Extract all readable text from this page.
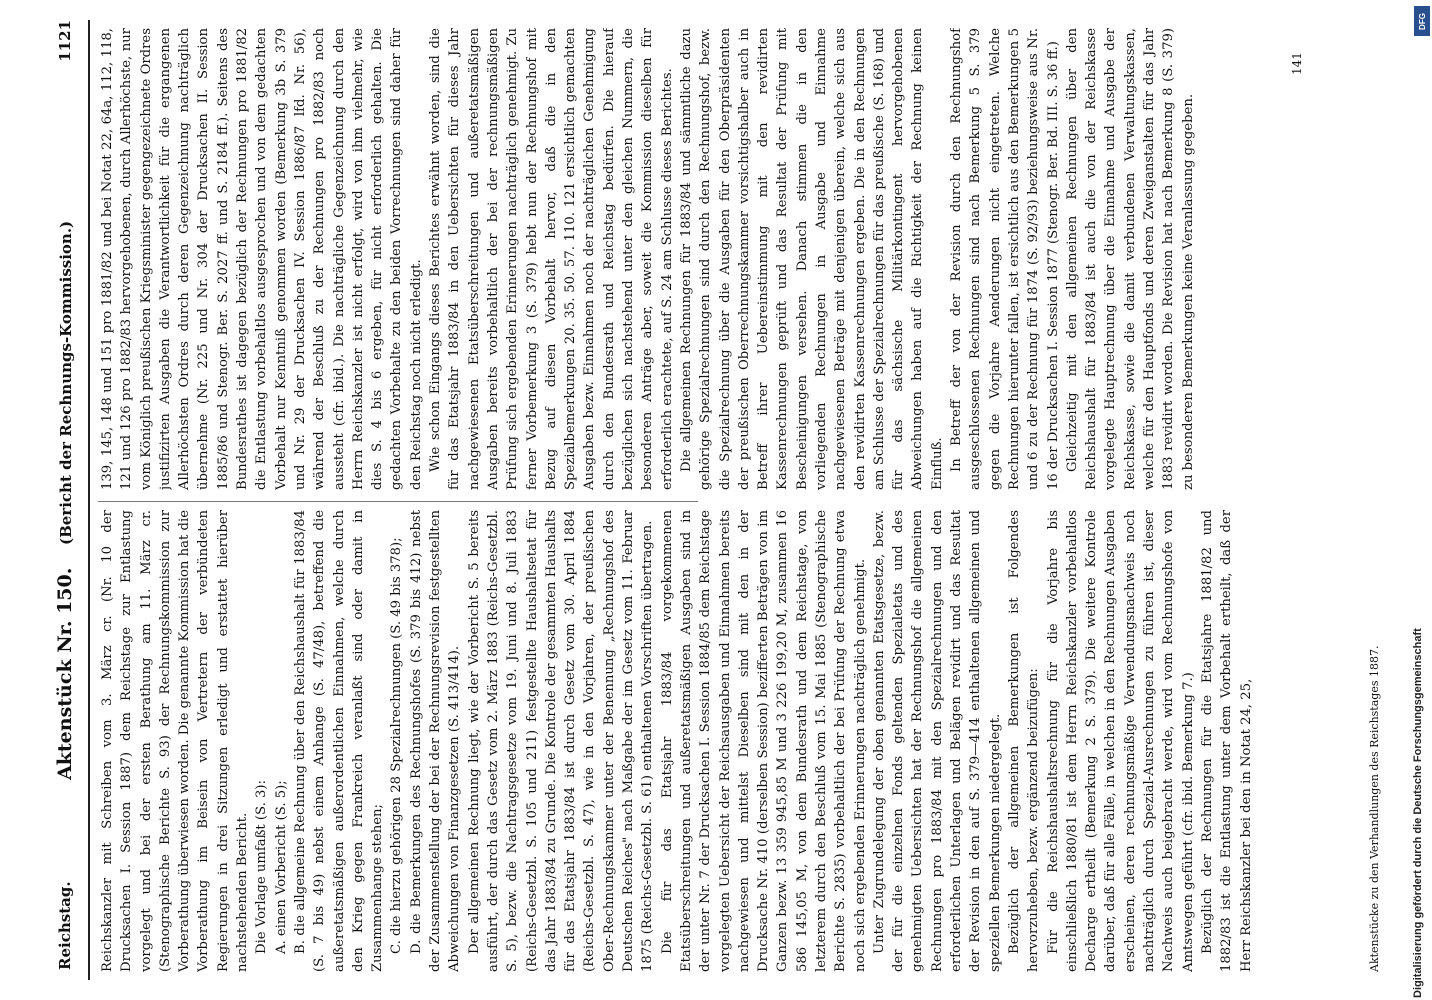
Reichstag.
Aktenstück Nr. 150. (Bericht der Rechnungs-Kommission.)
1121

Reichskanzler mit Schreiben vom 3. März cr. (Nr. 10 der Drucksachen I. Session 1887) dem Reichstage zur Entlastung vorgelegt und bei der ersten Berathung am 11. März cr. (Stenographische Berichte S. 93) der Rechnungskommission zur Vorberathung überwiesen worden. Die genannte Kommission hat die Vorberathung im Beisein von Vertretern der verbündeten Regierungen in drei Sitzungen erledigt und erstattet hierüber nachstehenden Bericht. Die Vorlage umfaßt (S. 3): A. einen Vorbericht (S. 5); B. die allgemeine Rechnung über den Reichshaushalt für 1883/84 (S. 7 bis 49) nebst einem Anhange (S. 47/48), betreffend die außeretatsmäßigen außerordentlichen Einnahmen, welche durch den Krieg gegen Frankreich veranlaßt sind oder damit in Zusammenhange stehen; C. die hierzu gehörigen 28 Spezialrechnungen (S. 49 bis 378); D. die Bemerkungen des Rechnungshofes (S. 379 bis 412) nebst der Zusammenstellung der bei der Rechnungsrevision festgestellten Abweichungen von Finanzgesetzen (S. 413/414). Der allgemeinen Rechnung liegt, wie der Vorbericht S. 5 bereits ausführt, der durch das Gesetz vom 2. März 1883 (Reichs-Gesetzbl. S. 5), bezw. die Nachtragsgesetze vom 19. Juni und 8. Juli 1883 (Reichs-Gesetzbl. S. 105 und 211) festgestellte Haushaltsetat für das Jahr 1883/84 zu Grunde. Die Kontrole der gesammten Haushalts für das Etatsjahr 1883/84 ist durch Gesetz vom 30. April 1884 (Reichs-Gesetzbl. S. 47), wie in den Vorjahren, der preußischen Ober-Rechnungskammer unter der Benennung „Rechnungshof des Deutschen Reiches" nach Maßgabe der im Gesetz vom 11. Februar 1875 (Reichs-Gesetzbl. S. 61) enthaltenen Vorschriften übertragen. Die für das Etatsjahr 1883/84 vorgekommenen Etatsüberschreitungen und außeretatsmäßigen Ausgaben sind in der unter Nr. 7 der Drucksachen I. Session 1884/85 dem Reichstage vorgelegten Uebersicht der Reichsausgaben und Einnahmen bereits nachgewiesen und mittelst Dieselben sind mit den in der Drucksache Nr. 410 (derselben Session) bezifferten Beträgen von im Ganzen bezw. 13 359 945,85 M und 3 226 199,20 M, zusammen 16 586 145,05 M, von dem Bundesrath und dem Reichstage, von letzterem durch den Beschluß vom 15. Mai 1885 (Stenographische Berichte S. 2835) vorbehaltlich der bei Prüfung der Rechnung etwa noch sich ergebenden Erinnerungen nachträglich genehmigt. Unter Zugrundelegung der oben genannten Etatsgesetze, bezw. der für die einzelnen Fonds geltenden Spezialetats und des genehmigten Uebersichten hat der Rechnungshof die allgemeinen Rechnungen pro 1883/84 mit den Spezialrechnungen und den erforderlichen Unterlagen und Belägen revidirt und das Resultat der Revision in den auf S. 379—414 enthaltenen allgemeinen und speziellen Bemerkungen niedergelegt. Bezüglich der allgemeinen Bemerkungen ist Folgendes hervorzuheben, bezw. ergänzend beizufügen: Für die Reichshaushaltsrechnung für die Vorjahre bis einschließlich 1880/81 ist dem Herrn Reichskanzler vorbehaltlos Decharge ertheilt (Bemerkung 2 S. 379). Die weitere Kontrole darüber, daß für alle Fälle, in welchen in den Rechnungen Ausgaben erscheinen, deren rechnungsmäßige Verwendungsnachweis noch nachträglich durch Spezial-Ausrechnungen zu führen ist, dieser Nachweis auch beigebracht werde, wird vom Rechnungshofe von Amtswegen geführt (cfr. ibid. Bemerkung 7.) Bezüglich der Rechnungen für die Etatsjahre 1881/82 und 1882/83 ist die Entlastung unter dem Vorbehalt ertheilt, daß der Herr Reichskanzler bei den in Notat 24, 25,

139, 145, 148 und 151 pro 1881/82 und bei Notat 22, 64a, 112, 118, 121 und 126 pro 1882/83 hervorgehobenen, durch Allerhöchste, nur vom Königlich preußischen Kriegsminister gegengezeichnete Ordres justifizirten Ausgaben die Verantwortlichkeit für die ergangenen Allerhöchsten Ordres durch deren Gegenzeichnung nachträglich übernehme (Nr. 225 und Nr. 304 der Drucksachen II. Session 1885/86 und Stenogr. Ber. S. 2027 ff. und S. 2184 ff.). Seitens des Bundesrathes ist dagegen bezüglich der Rechnungen pro 1881/82 die Entlastung vorbehaltlos ausgesprochen und von dem gedachten Vorbehalt nur Kenntniß genommen worden (Bemerkung 3b S. 379 und Nr. 29 der Drucksachen IV. Session 1886/87 lfd. Nr. 56), während der Beschluß zu der Rechnungen pro 1882/83 noch aussteht (cfr. ibid.). Die nachträgliche Gegenzeichnung durch den Herrn Reichskanzler ist nicht erfolgt, wird von ihm vielmehr, wie dies S. 4 bis 6 ergeben, für nicht erforderlich gehalten. Die gedachten Vorbehalte zu den beiden Vorrechnungen sind daher für den Reichstag noch nicht erledigt. Wie schon Eingangs dieses Berichtes erwähnt worden, sind die für das Etatsjahr 1883/84 in den Uebersichten für dieses Jahr nachgewiesenen Etatsüberschreitungen und außeretatsmäßigen Ausgaben bereits vorbehaltlich der bei der rechnungsmäßigen Prüfung sich ergebenden Erinnerungen nachträglich genehmigt. Zu ferner Vorbemerkung 3 (S. 379) hebt nun der Rechnungshof mit Bezug auf diesen Vorbehalt hervor, daß die in den Spezialbemerkungen 20. 35. 50. 57. 110. 121 ersichtlich gemachten Ausgaben bezw. Einnahmen noch der nachträglichen Genehmigung durch den Bundesrath und Reichstag bedürfen. Die hierauf bezüglichen sich nachstehend unter den gleichen Nummern, die besonderen Anträge aber, soweit die Kommission dieselben für erforderlich erachtete, auf S. 24 am Schlusse dieses Berichtes. Die allgemeinen Rechnungen für 1883/84 und sämmtliche dazu gehörige Spezialrechnungen sind durch den Rechnungshof, bezw. die Spezialrechnung über die Ausgaben für den Oberpräsidenten der preußischen Oberrechnungskammer vorsichtigshalber auch in Betreff ihrer Uebereinstimmung mit den revidirten Kassenrechnungen geprüft und das Resultat der Prüfung mit Bescheinigungen versehen. Danach stimmen die in den vorliegenden Rechnungen in Ausgabe und Einnahme nachgewiesenen Beträge mit denjenigen überein, welche sich aus den revidirten Kassenrechnungen ergeben. Die in den Rechnungen am Schlusse der Spezialrechnungen für das preußische (S. 168) und für das sächsische Militärkontingent hervorgehobenen Abweichungen haben auf die Richtigkeit der Rechnung keinen Einfluß. In Betreff der von der Revision durch den Rechnungshof ausgeschlossenen Rechnungen sind nach Bemerkung 5 S. 379 gegen die Vorjahre Aenderungen nicht eingetreten. Welche Rechnungen hierunter fallen, ist ersichtlich aus den Bemerkungen 5 und 6 zu der Rechnung für 1874 (S. 92/93) beziehungsweise aus Nr. 16 der Drucksachen I. Session 1877 (Stenogr. Ber. Bd. III. S. 36 ff.) Gleichzeitig mit den allgemeinen Rechnungen über den Reichshaushalt für 1883/84 ist auch die von der Reichskasse vorgelegte Hauptrechnung über die Einnahme und Ausgabe der Reichskasse, sowie die damit verbundenen Verwaltungskassen, welche für den Hauptfonds und deren Zweiganstalten für das Jahr 1883 revidirt worden. Die Revision hat nach Bemerkung 8 (S. 379) zu besonderen Bemerkungen keine Veranlassung gegeben.

141
Aktenstücke zu den Verhandlungen des Reichstages 1887.
DFG
Digitalisierung gefördert durch die Deutsche Forschungsgemeinschaft
